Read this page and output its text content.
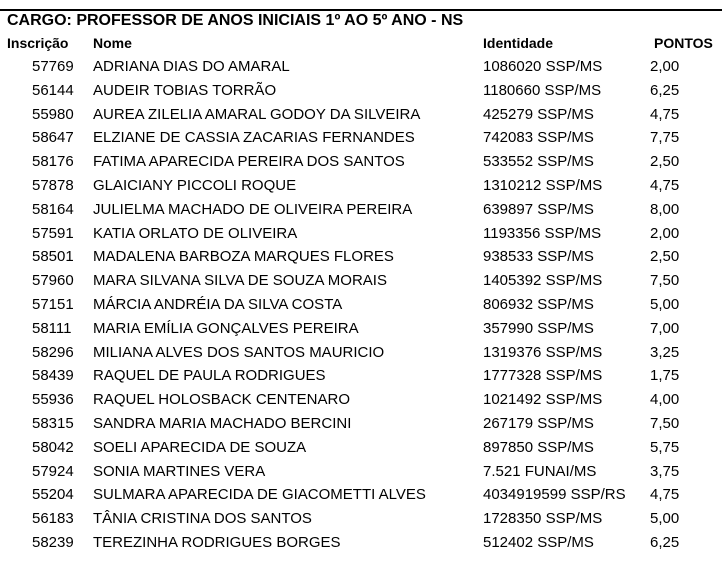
CARGO: PROFESSOR DE ANOS INICIAIS 1º AO 5º ANO - NS
Inscrição Nome	Identidade	PONTOS
57769 ADRIANA DIAS DO AMARAL	1086020 SSP/MS	2,00
56144 AUDEIR TOBIAS TORRÃO	1180660 SSP/MS	6,25
55980 AUREA ZILELIA AMARAL GODOY DA SILVEIRA	425279 SSP/MS	4,75
58647 ELZIANE DE CASSIA ZACARIAS FERNANDES	742083 SSP/MS	7,75
58176 FATIMA APARECIDA PEREIRA DOS SANTOS	533552 SSP/MS	2,50
57878 GLAICIANY PICCOLI ROQUE	1310212 SSP/MS	4,75
58164 JULIELMA MACHADO DE OLIVEIRA PEREIRA	639897 SSP/MS	8,00
57591 KATIA ORLATO DE OLIVEIRA	1193356 SSP/MS	2,00
58501 MADALENA BARBOZA MARQUES FLORES	938533 SSP/MS	2,50
57960 MARA SILVANA SILVA DE SOUZA MORAIS	1405392 SSP/MS	7,50
57151 MÁRCIA ANDRÉIA DA SILVA COSTA	806932 SSP/MS	5,00
58111 MARIA EMÍLIA GONÇALVES PEREIRA	357990 SSP/MS	7,00
58296 MILIANA ALVES DOS SANTOS MAURICIO	1319376 SSP/MS	3,25
58439 RAQUEL DE PAULA RODRIGUES	1777328 SSP/MS	1,75
55936 RAQUEL HOLOSBACK CENTENARO	1021492 SSP/MS	4,00
58315 SANDRA MARIA MACHADO BERCINI	267179 SSP/MS	7,50
58042 SOELI APARECIDA DE SOUZA	897850 SSP/MS	5,75
57924 SONIA MARTINES VERA	7.521 FUNAI/MS	3,75
55204 SULMARA APARECIDA DE GIACOMETTI ALVES	4034919599 SSP/RS 4,75
56183 TÂNIA CRISTINA DOS SANTOS	1728350 SSP/MS	5,00
58239 TEREZINHA RODRIGUES BORGES	512402 SSP/MS	6,25
